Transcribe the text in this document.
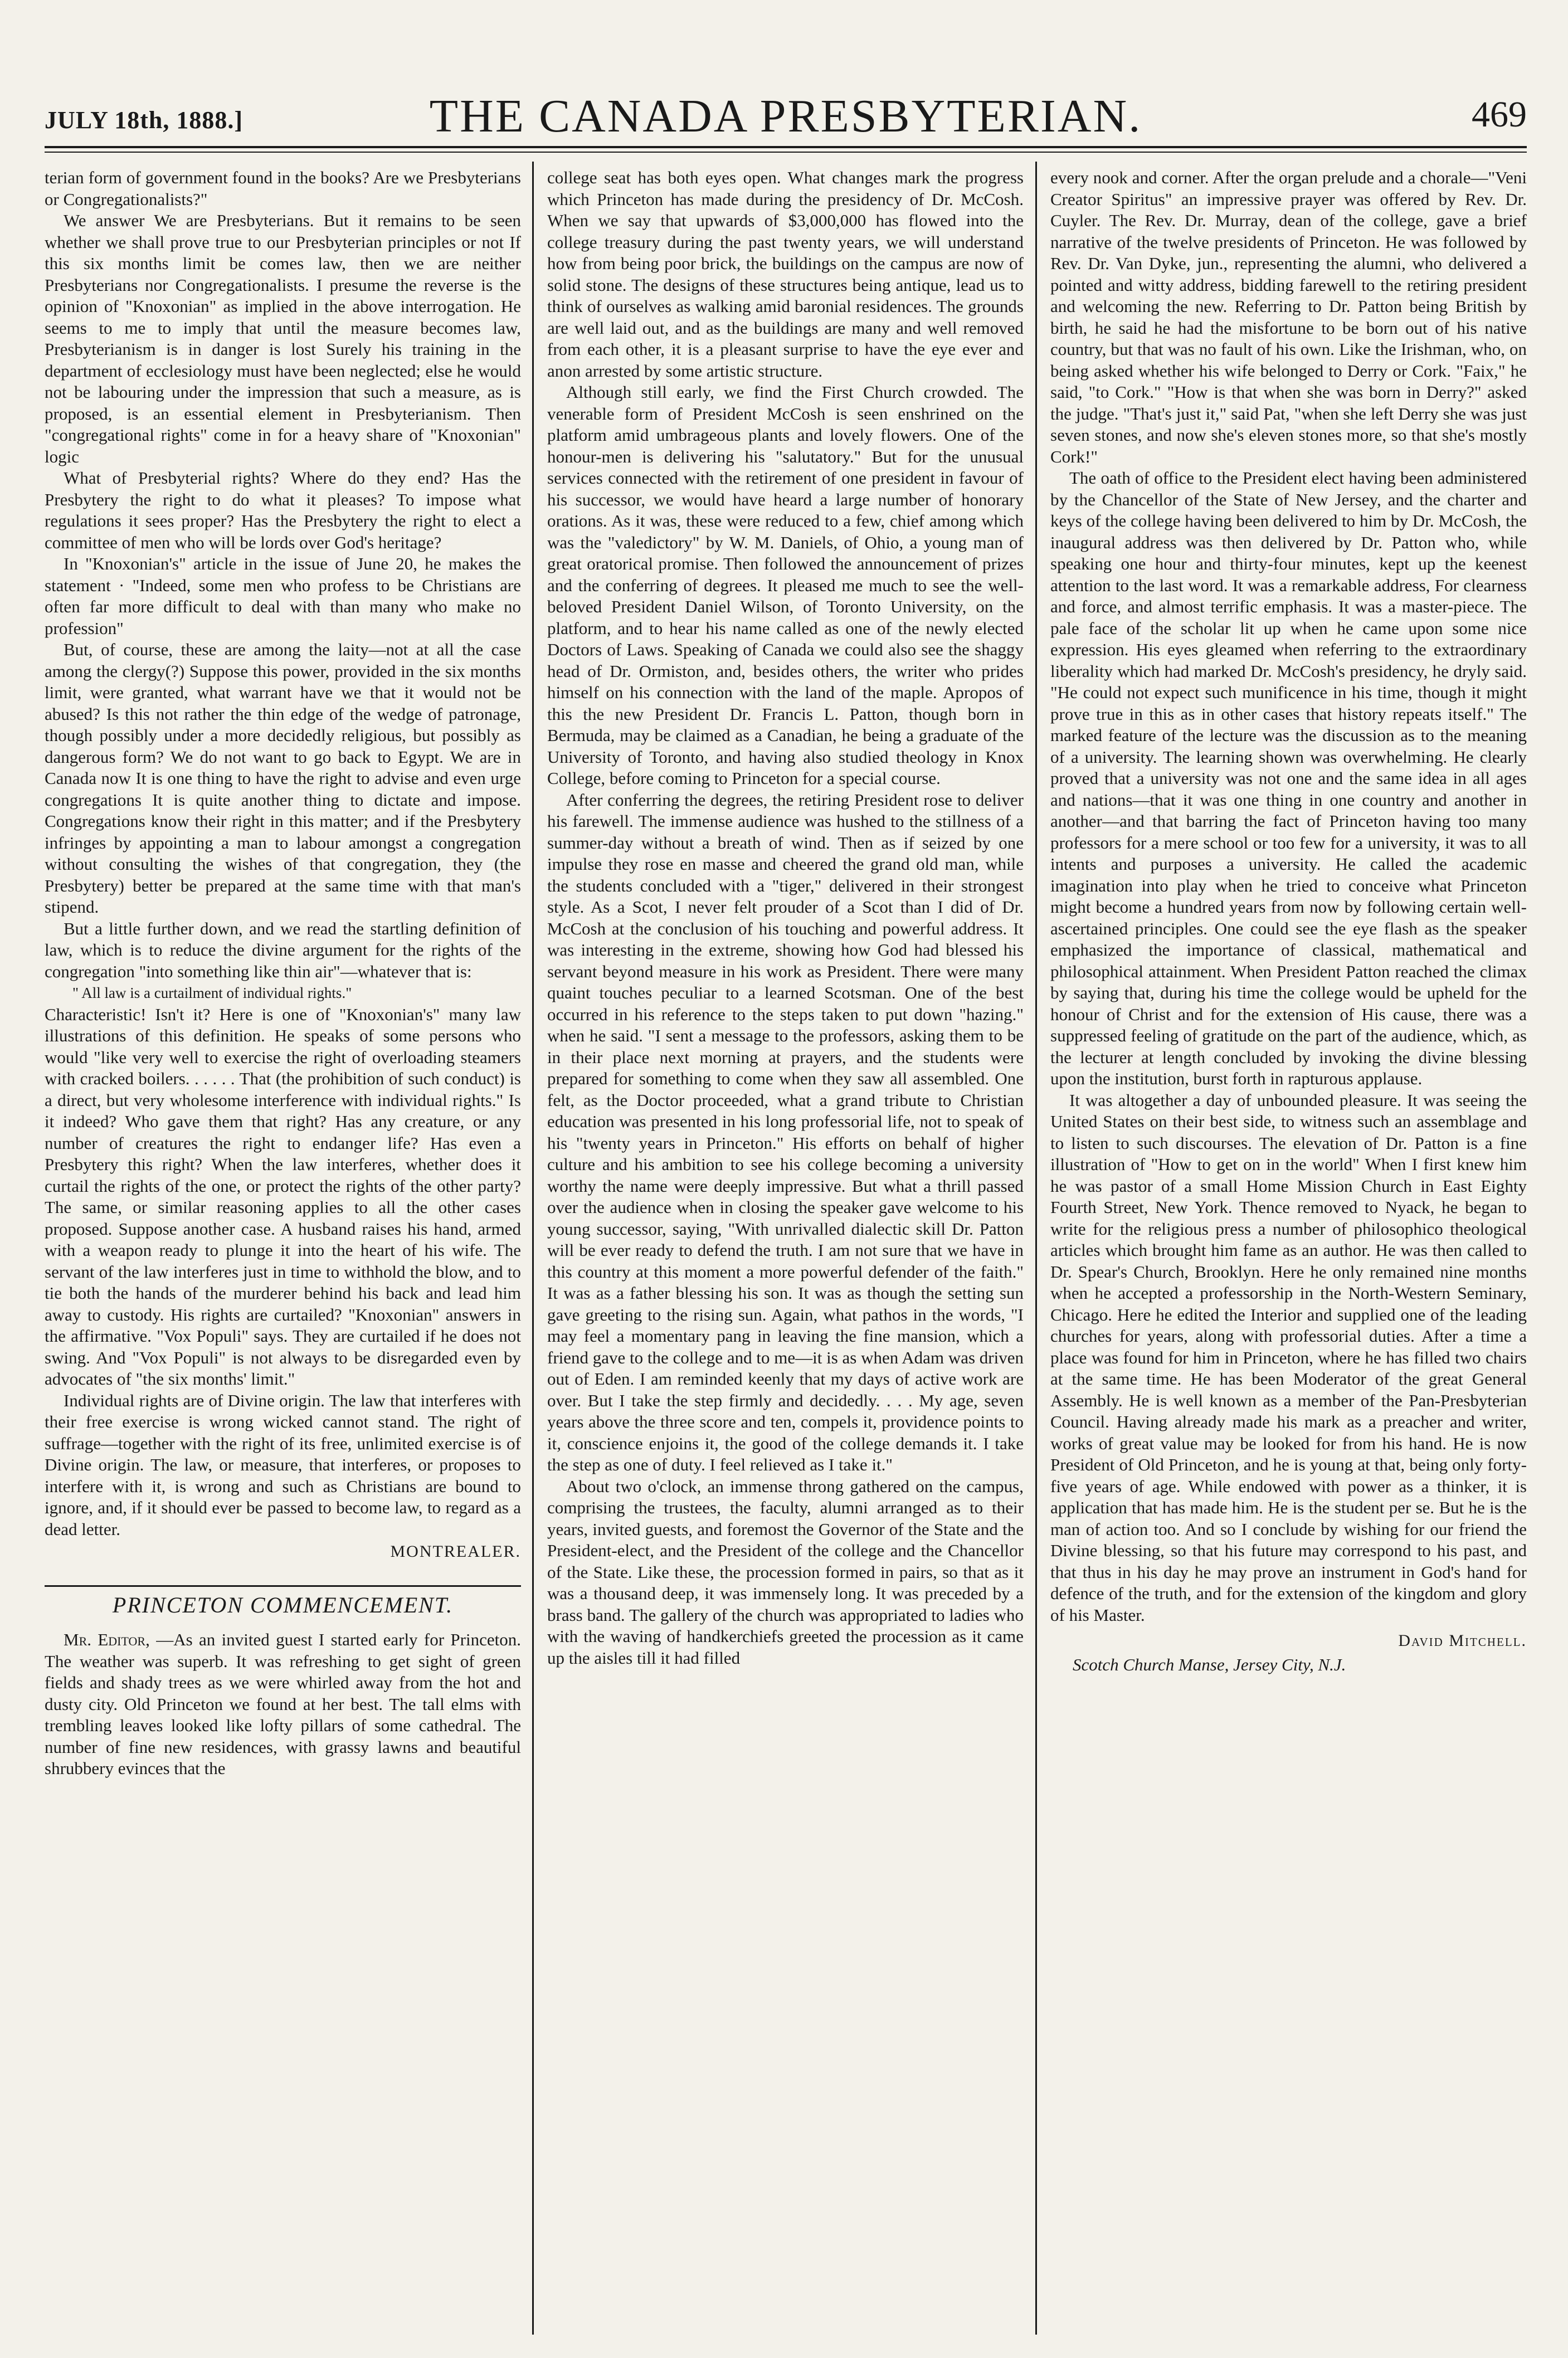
JULY 18th, 1888.]	THE CANADA PRESBYTERIAN.	469

terian form of government found in the books? Are we Presbyterians or Congregationalists?"

We answer We are Presbyterians. But it remains to be seen whether we shall prove true to our Presbyterian principles or not If this six months limit be comes law, then we are neither Presbyterians nor Congregationalists. I presume the reverse is the opinion of "Knoxonian" as implied in the above interrogation. He seems to me to imply that until the measure becomes law, Presbyterianism is in danger is lost Surely his training in the department of ecclesiology must have been neglected; else he would not be labouring under the impression that such a measure, as is proposed, is an essential element in Presbyterianism. Then "congregational rights" come in for a heavy share of "Knoxonian" logic

What of Presbyterial rights? Where do they end? Has the Presbytery the right to do what it pleases? To impose what regulations it sees proper? Has the Presbytery the right to elect a committee of men who will be lords over God's heritage?

In "Knoxonian's" article in the issue of June 20, he makes the statement · "Indeed, some men who profess to be Christians are often far more difficult to deal with than many who make no profession"

But, of course, these are among the laity—not at all the case among the clergy(?) Suppose this power, provided in the six months limit, were granted, what warrant have we that it would not be abused? Is this not rather the thin edge of the wedge of patronage, though possibly under a more decidedly religious, but possibly as dangerous form? We do not want to go back to Egypt. We are in Canada now It is one thing to have the right to advise and even urge congregations It is quite another thing to dictate and impose. Congregations know their right in this matter; and if the Presbytery infringes by appointing a man to labour amongst a congregation without consulting the wishes of that congregation, they (the Presbytery) better be prepared at the same time with that man's stipend.

But a little further down, and we read the startling definition of law, which is to reduce the divine argument for the rights of the congregation "into something like thin air"—whatever that is:

" All law is a curtailment of individual rights."

Characteristic! Isn't it? Here is one of "Knoxonian's" many law illustrations of this definition. He speaks of some persons who would "like very well to exercise the right of overloading steamers with cracked boilers. . . . . . That (the prohibition of such conduct) is a direct, but very wholesome interference with individual rights." Is it indeed? Who gave them that right? Has any creature, or any number of creatures the right to endanger life? Has even a Presbytery this right? When the law interferes, whether does it curtail the rights of the one, or protect the rights of the other party? The same, or similar reasoning applies to all the other cases proposed. Suppose another case. A husband raises his hand, armed with a weapon ready to plunge it into the heart of his wife. The servant of the law interferes just in time to withhold the blow, and to tie both the hands of the murderer behind his back and lead him away to custody. His rights are curtailed? "Knoxonian" answers in the affirmative. "Vox Populi" says. They are curtailed if he does not swing. And "Vox Populi" is not always to be disregarded even by advocates of "the six months' limit."

Individual rights are of Divine origin. The law that interferes with their free exercise is wrong wicked cannot stand. The right of suffrage—together with the right of its free, unlimited exercise is of Divine origin. The law, or measure, that interferes, or proposes to interfere with it, is wrong and such as Christians are bound to ignore, and, if it should ever be passed to become law, to regard as a dead letter.

MONTREALER.

PRINCETON COMMENCEMENT.

Mr. Editor, —As an invited guest I started early for Princeton. The weather was superb. It was refreshing to get sight of green fields and shady trees as we were whirled away from the hot and dusty city. Old Princeton we found at her best. The tall elms with trembling leaves looked like lofty pillars of some cathedral. The number of fine new residences, with grassy lawns and beautiful shrubbery evinces that the

college seat has both eyes open. What changes mark the progress which Princeton has made during the presidency of Dr. McCosh. When we say that upwards of $3,000,000 has flowed into the college treasury during the past twenty years, we will understand how from being poor brick, the buildings on the campus are now of solid stone. The designs of these structures being antique, lead us to think of ourselves as walking amid baronial residences. The grounds are well laid out, and as the buildings are many and well removed from each other, it is a pleasant surprise to have the eye ever and anon arrested by some artistic structure.

Although still early, we find the First Church crowded. The venerable form of President McCosh is seen enshrined on the platform amid umbrageous plants and lovely flowers. One of the honour-men is delivering his "salutatory." But for the unusual services connected with the retirement of one president in favour of his successor, we would have heard a large number of honorary orations. As it was, these were reduced to a few, chief among which was the "valedictory" by W. M. Daniels, of Ohio, a young man of great oratorical promise. Then followed the announcement of prizes and the conferring of degrees. It pleased me much to see the well-beloved President Daniel Wilson, of Toronto University, on the platform, and to hear his name called as one of the newly elected Doctors of Laws. Speaking of Canada we could also see the shaggy head of Dr. Ormiston, and, besides others, the writer who prides himself on his connection with the land of the maple. Apropos of this the new President Dr. Francis L. Patton, though born in Bermuda, may be claimed as a Canadian, he being a graduate of the University of Toronto, and having also studied theology in Knox College, before coming to Princeton for a special course.

After conferring the degrees, the retiring President rose to deliver his farewell. The immense audience was hushed to the stillness of a summer-day without a breath of wind. Then as if seized by one impulse they rose en masse and cheered the grand old man, while the students concluded with a "tiger," delivered in their strongest style. As a Scot, I never felt prouder of a Scot than I did of Dr. McCosh at the conclusion of his touching and powerful address. It was interesting in the extreme, showing how God had blessed his servant beyond measure in his work as President. There were many quaint touches peculiar to a learned Scotsman. One of the best occurred in his reference to the steps taken to put down "hazing." when he said. "I sent a message to the professors, asking them to be in their place next morning at prayers, and the students were prepared for something to come when they saw all assembled. One felt, as the Doctor proceeded, what a grand tribute to Christian education was presented in his long professorial life, not to speak of his "twenty years in Princeton." His efforts on behalf of higher culture and his ambition to see his college becoming a university worthy the name were deeply impressive. But what a thrill passed over the audience when in closing the speaker gave welcome to his young successor, saying, "With unrivalled dialectic skill Dr. Patton will be ever ready to defend the truth. I am not sure that we have in this country at this moment a more powerful defender of the faith." It was as a father blessing his son. It was as though the setting sun gave greeting to the rising sun. Again, what pathos in the words, "I may feel a momentary pang in leaving the fine mansion, which a friend gave to the college and to me—it is as when Adam was driven out of Eden. I am reminded keenly that my days of active work are over. But I take the step firmly and decidedly. . . . My age, seven years above the three score and ten, compels it, providence points to it, conscience enjoins it, the good of the college demands it. I take the step as one of duty. I feel relieved as I take it."

About two o'clock, an immense throng gathered on the campus, comprising the trustees, the faculty, alumni arranged as to their years, invited guests, and foremost the Governor of the State and the President-elect, and the President of the college and the Chancellor of the State. Like these, the procession formed in pairs, so that as it was a thousand deep, it was immensely long. It was preceded by a brass band. The gallery of the church was appropriated to ladies who with the waving of handkerchiefs greeted the procession as it came up the aisles till it had filled

every nook and corner. After the organ prelude and a chorale—"Veni Creator Spiritus" an impressive prayer was offered by Rev. Dr. Cuyler. The Rev. Dr. Murray, dean of the college, gave a brief narrative of the twelve presidents of Princeton. He was followed by Rev. Dr. Van Dyke, jun., representing the alumni, who delivered a pointed and witty address, bidding farewell to the retiring president and welcoming the new. Referring to Dr. Patton being British by birth, he said he had the misfortune to be born out of his native country, but that was no fault of his own. Like the Irishman, who, on being asked whether his wife belonged to Derry or Cork. "Faix," he said, "to Cork." "How is that when she was born in Derry?" asked the judge. "That's just it," said Pat, "when she left Derry she was just seven stones, and now she's eleven stones more, so that she's mostly Cork!"

The oath of office to the President elect having been administered by the Chancellor of the State of New Jersey, and the charter and keys of the college having been delivered to him by Dr. McCosh, the inaugural address was then delivered by Dr. Patton who, while speaking one hour and thirty-four minutes, kept up the keenest attention to the last word. It was a remarkable address, For clearness and force, and almost terrific emphasis. It was a master-piece. The pale face of the scholar lit up when he came upon some nice expression. His eyes gleamed when referring to the extraordinary liberality which had marked Dr. McCosh's presidency, he dryly said. "He could not expect such munificence in his time, though it might prove true in this as in other cases that history repeats itself." The marked feature of the lecture was the discussion as to the meaning of a university. The learning shown was overwhelming. He clearly proved that a university was not one and the same idea in all ages and nations—that it was one thing in one country and another in another—and that barring the fact of Princeton having too many professors for a mere school or too few for a university, it was to all intents and purposes a university. He called the academic imagination into play when he tried to conceive what Princeton might become a hundred years from now by following certain well-ascertained principles. One could see the eye flash as the speaker emphasized the importance of classical, mathematical and philosophical attainment. When President Patton reached the climax by saying that, during his time the college would be upheld for the honour of Christ and for the extension of His cause, there was a suppressed feeling of gratitude on the part of the audience, which, as the lecturer at length concluded by invoking the divine blessing upon the institution, burst forth in rapturous applause.

It was altogether a day of unbounded pleasure. It was seeing the United States on their best side, to witness such an assemblage and to listen to such discourses. The elevation of Dr. Patton is a fine illustration of "How to get on in the world" When I first knew him he was pastor of a small Home Mission Church in East Eighty Fourth Street, New York. Thence removed to Nyack, he began to write for the religious press a number of philosophico theological articles which brought him fame as an author. He was then called to Dr. Spear's Church, Brooklyn. Here he only remained nine months when he accepted a professorship in the North-Western Seminary, Chicago. Here he edited the Interior and supplied one of the leading churches for years, along with professorial duties. After a time a place was found for him in Princeton, where he has filled two chairs at the same time. He has been Moderator of the great General Assembly. He is well known as a member of the Pan-Presbyterian Council. Having already made his mark as a preacher and writer, works of great value may be looked for from his hand. He is now President of Old Princeton, and he is young at that, being only forty-five years of age. While endowed with power as a thinker, it is application that has made him. He is the student per se. But he is the man of action too. And so I conclude by wishing for our friend the Divine blessing, so that his future may correspond to his past, and that thus in his day he may prove an instrument in God's hand for defence of the truth, and for the extension of the kingdom and glory of his Master.

David Mitchell.

Scotch Church Manse, Jersey City, N.J.
